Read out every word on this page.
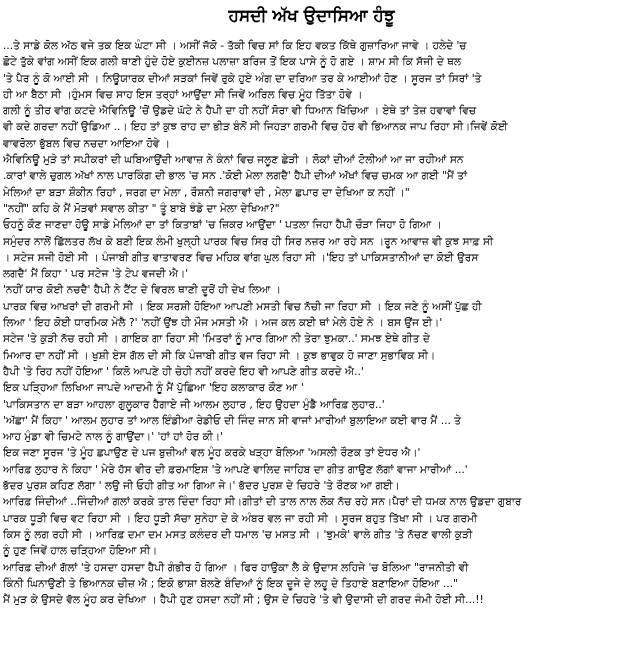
ਹਸਦੀ ਅੱਖ ਉਦਾਸਿਆ ਹੰਝੂ
...ਤੇ ਸਾਡੇ ਕੋਲ ਅੱਠ ਵਜੇ ਤਕ ਇਕ ਘੰਟਾ ਸੀ । ਅਸੀਂ ਜੱਕੋ - ਤੱਕੀ ਵਿਚ ਸਾਂ ਕਿ ਇਹ ਵਕਤ ਕਿੱਥੇ ਗੁਜ਼ਾਰਿਆ ਜਾਵੇ । ਹਲੇਦੇ 'ਚ
ਛੋਟੇ ਤੁੱਕੇ ਵਾਂਗ ਅਸੀਂ ਇਕ ਗਲੀ ਥਾਣੀ ਹੁੰਦੇ ਹੋਏ ਕੁਈਨਜ਼ ਪਲਾਜ਼ਾ ਬਰਿਜ ਤੋਂ ਇਕ ਪਾਸੇ ਨੂੰ ਹੋ ਗਏ । ਸ਼ਾਮ ਸੀ ਕਿ ਸੱਜੀ ਦੇ ਥਲ
'ਤੇ ਪੈਰ ਨੂੰ ਕੋ ਆਈ ਸੀ । ਨਿਊਯਾਰਕ ਦੀਆਂ ਸੜਕਾਂ ਜਿਵੇਂ ਰੁਕੇ ਹੁਏ ਅੰਗ ਦਾ ਦਰਿਆ ਤਰ ਕੇ ਆਈਆਂ ਹੋਣ । ਸੂਰਜ ਤਾਂ ਸਿਰਾਂ 'ਤੇ
ਹੀ ਆ ਬੈਠਾ ਸੀ ।ਹੁੰਮਸ ਵਿਚ ਸਾਹ ਇਸ ਤਰ੍ਹਾਂ ਆਉਂਦਾ ਸੀ ਜਿਵੇਂ ਅਰਿਲ ਵਿਚ ਮੂੰਹ ਤਿੱਤਾ ਹੋਵੇ ।
ਗਲੀ ਨੂੰ ਤੀਰ ਵਾਂਗ ਕਟਦੇ ਐਵਿਨਿਊ 'ਚੋਂ ਉਡਦੇ ਘੱਟੇ ਨੇ ਹੈਪੀ ਦਾ ਹੀ ਨਹੀਂ ਸੋਰਾ ਵੀ ਧਿਆਨ ਖਿੱਚਿਆ । ਏਥੇ ਤਾਂ ਤੇਜ਼ ਹਵਾਵਾਂ ਵਿਚ
ਵੀ ਕਦੇ ਗਰਦਾ ਨਹੀਂ ਉਡਿਆ ..। ਇਹ ਤਾਂ ਕੁਝ ਰਾਹ ਦਾ ਭੀੜ ਬੰਨੋਂ ਸੀ ਜਿਹੜਾ ਗਰਮੀ ਵਿਚ ਹੋਰ ਵੀ ਭਿਆਨਕ ਜਾਪ ਰਿਹਾ ਸੀ।ਜਿਵੇਂ ਕੋਈ
ਵਾਵਰੋਲਾ ਭੁੱਬਲ ਵਿਚ ਨਚਦਾ ਆਇਆ ਹੋਵੇ ।
ਐਵਿਨਿਊ ਮੁੜੇ ਤਾਂ ਸਪੀਕਰਾਂ ਦੀ ਘਬਿਆਉਂਦੀ ਆਵਾਜ਼ ਨੇ ਕੰਨਾਂ ਵਿਚ ਜਲੂਣ ਛੇੜੀ । ਲੋਕਾਂ ਦੀਆਂ ਟੋਲੀਆਂ ਆ ਜਾ ਰਹੀਆਂ ਸਨ
.ਕਾਰਾਂ ਵਾਲੇ ਚੁਗਲ ਅੱਖਾਂ ਨਾਲ ਪਾਰਕਿੰਗ ਦੀ ਭਾਲ 'ਚ ਸਨ .'ਕੋਈ ਮੇਲਾ ਲਗਦੈ' ਹੈਪੀ ਦੀਆਂ ਅੱਖਾਂ ਵਿਚ ਚਮਕ ਆ ਗਈ "ਮੈਂ ਤਾਂ
ਮੇਲਿਆਂ ਦਾ ਬੜਾ ਸ਼ੌਕੀਨ ਰਿਹਾਂ , ਜਰਗ ਦਾ ਮੇਲਾ , ਰੌਸ਼ਨੀ ਜਗਰਾਵਾਂ ਦੀ , ਮੇਲਾ ਛਪਾਰ ਦਾ ਦੇਖਿਆ ਕ ਨਹੀਂ ।"
"ਨਹੀਂ" ਕਹਿ ਕੇ ਮੈਂ ਮੋੜਵਾਂ ਸਵਾਲ ਕੀਤਾ " ਤੂੰ ਬਾਬੇ ਝੰਡੇ ਦਾ ਮੇਲਾ ਦੇਖਿਆ?"
ਓਹਨੂੰ ਕੌਣ ਜਾਣਦਾ ਹੋਊ ਸਾਡੇ ਮੇਲਿਆਂ ਦਾ ਤਾਂ ਕਿਤਾਬਾਂ 'ਚ ਜ਼ਿਕਰ ਆਉਂਦਾ ' ਪਤਲਾ ਜਿਹਾ ਹੈਪੀ ਚੌੜਾ ਜਿਹਾ ਹੋ ਗਿਆ ।
ਸਮੁੰਦਰ ਨਾਲੋਂ ਛਿੱਲਤਰ ਲੱਖ ਕੇ ਬਣੀ ਇਕ ਲੰਮੀ ਖੁਲ੍ਹੀ ਪਾਰਕ ਵਿਚ ਸਿਰ ਹੀ ਸਿਰ ਨਜ਼ਰ ਆ ਰਹੇ ਸਨ ।ਰੂਨ ਆਵਾਜ਼ ਵੀ ਕੁਝ ਸਾਫ਼ ਸੀ
। ਸਟੇਜ ਸਜੀ ਹੋਈ ਸੀ । ਪੰਜਾਬੀ ਗੀਤ ਵਾਤਾਵਰਣ ਵਿਚ ਮਹਿਕ ਵਾਂਗ ਘੁਲ ਰਿਹਾ ਸੀ ।'ਇਹ ਤਾਂ ਪਾਕਿਸਤਾਨੀਆਂ ਦਾ ਕੋਈ ਉਰਸ
ਲਗਦੈ' ਮੈਂ ਕਿਹਾ ' ਪਰ ਸਟੇਜ 'ਤੇ ਟੇਪ ਵਜਦੀ ਐ।'
'ਨਹੀਂ ਯਾਰ ਕੋਈ ਨਚਦੈ' ਹੈਪੀ ਨੇ ਟੈਂਟ ਦੇ ਵਿਰਲ ਥਾਣੀ ਦੂਰੋਂ ਹੀ ਦੇਖ ਲਿਆ ।
ਪਾਰਕ ਵਿਚ ਆਖਰਾਂ ਦੀ ਗਰਮੀ ਸੀ । ਇਕ ਸਰਸ਼ੀ ਹੋਇਆ ਆਪਣੀ ਮਸਤੀ ਵਿਚ ਨੱਚੀ ਜਾ ਰਿਹਾ ਸੀ । ਇਕ ਜਣੇ ਨੂੰ ਅਸੀਂ ਪੁੱਛ ਹੀ
ਲਿਆ ' ਇਹ ਕੋਈ ਧਾਰਮਿਕ ਮੇਲੈ ?' 'ਨਹੀਂ ਉਂਝ ਹੀ ਮੌਜ ਮਸਤੀ ਐ । ਅਜ ਕਲ ਕਈ ਥਾਂ ਮੇਲੇ ਹੋਏ ਨੇ । ਬਸ ਉਂਜ ਈ।'
ਸਟੇਜ 'ਤੇ ਕੁੜੀ ਨੱਚ ਰਹੀ ਸੀ । ਗਾਇਕ ਗਾ ਰਿਹਾ ਸੀ 'ਮਿਤਰਾਂ ਨੂੰ ਮਾਰ ਗਿਆ ਨੀ ਤੇਰਾ ਝੁਮਕਾ..' ਸਮਝ ਏਥੇ ਗੀਤ ਦੇ
ਮਿਆਰ ਦਾ ਨਹੀਂ ਸੀ । ਖੁਸ਼ੀ ਏਸ ਗੱਲ ਦੀ ਸੀ ਕਿ ਪੰਜਾਬੀ ਗੀਤ ਵਜ ਰਿਹਾ ਸੀ । ਕੁਝ ਭਾਵੁਕ ਹੋ ਜਾਣਾ ਸੁਭਾਵਿਕ ਸੀ।
ਹੈਪੀ 'ਤੇ ਰਿਹ ਨਹੀਂ ਹੋਇਆ ' ਕਿਲੋ ਆਪਣੇ ਹੀ ਚੇਹੀ ਨਹੀਂ ਕਰਦੇ ਇਹ ਵੀ ਆਪਣੇ ਗੀਤ ਕਰਦੇ ਐ..'
ਇਕ ਪੜ੍ਹਿਆ ਲਿਖਿਆ ਜਾਪਦੇ ਆਦਮੀ ਨੂੰ ਮੈਂ ਪੁੱਛਿਆ 'ਇਹ ਕਲਾਕਾਰ ਕੌਣ ਆ '
'ਪਾਕਿਸਤਾਨ ਦਾ ਬੜਾ ਆਹਲਾ ਗੁਲੂਕਾਰ ਹੈਗਾਏ ਜੀ ਆਲਮ ਲੁਹਾਰ , ਇਹ ਉਹਦਾ ਮੁੰਡੈ ਆਰਿਫ਼ ਲੁਹਾਰ..'
'ਅੱਛਾ' ਮੈਂ ਕਿਹਾ ' ਆਲਮ ਲੁਹਾਰ ਤਾਂ ਆਲ ਇੰਡੀਆ ਰੇਡੀਓ ਦੀ ਜਿੰਦ ਜਾਨ ਸੀ ਵਾਜਾਂ ਮਾਰੀਆਂ ਬੁਲਾਇਆ ਕਈ ਵਾਰ ਮੈਂ ... ਤੇ
ਆਹ ਮੁੰਡਾ ਵੀ ਚਿਮਟੇ ਨਾਲ ਨੂੰ ਗਾਉਂਦਾ।' 'ਹਾਂ ਹਾਂ ਹੋਰ ਕੀ।'
ਇਕ ਜਣਾ ਸੂਰਜ 'ਤੇ ਮੂੰਹ ਛਪਾਉਣ ਦੇ ਪਜ ਬੁਜ਼ੀਆਂ ਵਲ ਮੂੰਹ ਕਰਕੇ ਖੜ੍ਹਾ ਬੋਲਿਆ 'ਅਸਲੀ ਰੌਣਕ ਤਾਂ ਏਧਰ ਐ।'
ਆਰਿਫ਼ ਲੁਹਾਰ ਨੇ ਕਿਹਾ ' ਮੇਰੇ ਹੱਸ ਵੀਰ ਦੀ ਫ਼ਰਮਾਇਸ਼ 'ਤੇ ਆਪਣੇ ਵਾਲਿਦ ਜਾਹਿਬ ਦਾ ਗੀਤ ਗਾਉਣ ਲੱਗਾਂ ਵਾਜਾ ਮਾਰੀਆਂ ...'
ਭੱਦਰ ਪੁਰਸ਼ ਕਹਿਣ ਲੱਗਾ ' ਲਉ ਜੀ ਓਹੀ ਗੀਤ ਆ ਗਿਆ ਜੇ।' ਭੱਦਰ ਪੁਰਸ਼ ਦੇ ਚਿਹਰੇ 'ਤੇ ਰੌਣਕ ਆ ਗਈ।
ਆਰਿਫ਼ ਜਿੰਦੀਆਂ ..ਜਿੰਦੀਆਂ ਗਲਾਂ ਕਰਕੇ ਤਾਲ ਦਿੰਦਾ ਰਿਹਾ ਸੀ।ਗੀਤਾਂ ਦੀ ਤਾਲ ਨਾਲ ਲੋਕ ਨੱਚ ਰਹੇ ਸਨ।ਪੈਰਾਂ ਦੀ ਧਮਕ ਨਾਲ ਉਡਦਾ ਗੁਬਾਰ
ਪਾਰਕ ਧੂੜੀ ਵਿਚ ਵਟ ਰਿਹਾ ਸੀ । ਇਹ ਧੂੜੀ ਸੱਚਾ ਸੁਨੇਹਾ ਦੇ ਕੇ ਅੰਬਰ ਵਲ ਜਾ ਰਹੀ ਸੀ । ਸੂਰਜ ਬਹੁਤ ਤਿੱਖਾ ਸੀ । ਪਰ ਗਰਮੀ
ਕਿਸ ਨੂੰ ਲਗ ਰਹੀ ਸੀ । ਆਰਿਫ਼ ਦਮਾ ਦਮ ਮਸਤ ਕਲੰਦਰ ਦੀ ਧਮਾਲ 'ਚ ਮਸਤ ਸੀ । 'ਝੁਮਕੇ' ਵਾਲੇ ਗੀਤ 'ਤੇ ਨੱਚਣ ਵਾਲੀ ਕੁੜੀ
ਨੂੰ ਹੁਣ ਜਿਵੇਂ ਹਾਲ ਚੜ੍ਹਿਆ ਹੋਇਆ ਸੀ।
ਆਰਿਫ਼ ਦੀਆਂ ਗੱਲਾਂ 'ਤੇ ਹਸਦਾ ਹਸਦਾ ਹੈਪੀ ਗੰਭੀਰ ਹੋ ਗਿਆ । ਫਿਰ ਹਾਉਕਾ ਲੈ ਕੇ ਉਦਾਸ ਲਹਿਜੇ 'ਚ ਬੋਲਿਆ "ਰਾਜਨੀਤੀ ਵੀ
ਕਿੰਨੀ ਘਿਨਾਉਣੀ ਤੇ ਭਿਆਨਕ ਚੀਜ਼ ਐ ; ਇਕੋ ਭਾਸ਼ਾ ਬੋਲਣੇ ਬੰਦਿਆਂ ਨੂੰ ਇਕ ਦੂਜੇ ਦੇ ਲਹੂ ਦੇ ਤਿਹਾਏ ਬਣਾਇਆ ਹੋਇਆ ..."
ਮੈਂ ਮੁੜ ਕੇ ਉਸਦੇ ਵੱਲ ਮੂੰਹ ਕਰ ਦੇਖਿਆ । ਹੈਪੀ ਹੁਣ ਹਸਦਾ ਨਹੀਂ ਸੀ ; ਉਸ ਦੇ ਚਿਹਰੇ 'ਤੇ ਵੀ ਉਦਾਸੀ ਦੀ ਗਰਦ ਜੰਮੀ ਹੋਈ ਸੀ...!!
